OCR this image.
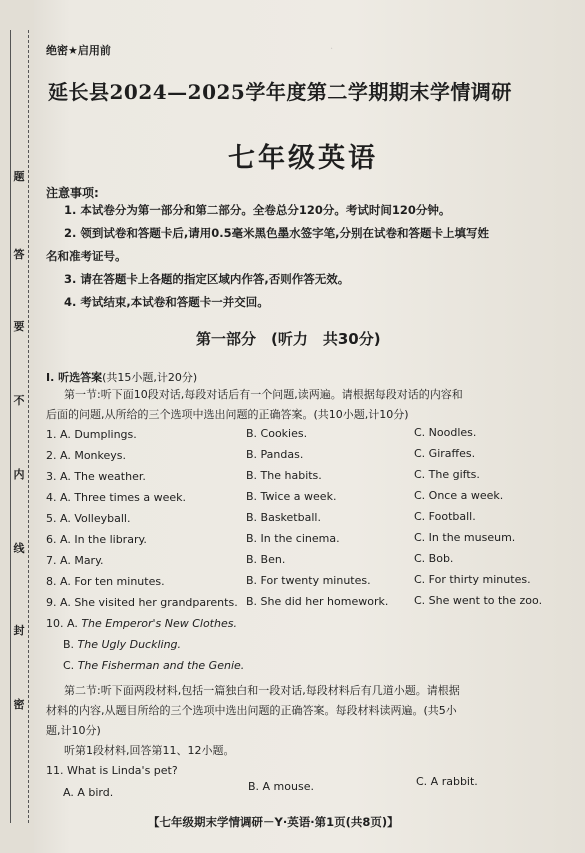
·
题
答
要
不
内
线
封
密
绝密★启用前
延长县2024—2025学年度第二学期期末学情调研
七年级英语
注意事项:
1. 本试卷分为第一部分和第二部分。全卷总分120分。考试时间120分钟。
2. 领到试卷和答题卡后,请用0.5毫米黑色墨水签字笔,分别在试卷和答题卡上填写姓
名和准考证号。
3. 请在答题卡上各题的指定区域内作答,否则作答无效。
4. 考试结束,本试卷和答题卡一并交回。
第一部分　(听力　共30分)
Ⅰ. 听选答案(共15小题,计20分)
第一节:听下面10段对话,每段对话后有一个问题,读两遍。请根据每段对话的内容和
后面的问题,从所给的三个选项中选出问题的正确答案。(共10小题,计10分)
1. A. Dumplings.	B. Cookies.	C. Noodles.
2. A. Monkeys.	B. Pandas.	C. Giraffes.
3. A. The weather.	B. The habits.	C. The gifts.
4. A. Three times a week.	B. Twice a week.	C. Once a week.
5. A. Volleyball.	B. Basketball.	C. Football.
6. A. In the library.	B. In the cinema.	C. In the museum.
7. A. Mary.	B. Ben.	C. Bob.
8. A. For ten minutes.	B. For twenty minutes.	C. For thirty minutes.
9. A. She visited her grandparents. B. She did her homework. C. She went to the zoo.
10. A. The Emperor's New Clothes.
B. The Ugly Duckling.
C. The Fisherman and the Genie.
第二节:听下面两段材料,包括一篇独白和一段对话,每段材料后有几道小题。请根据
材料的内容,从题目所给的三个选项中选出问题的正确答案。每段材料读两遍。(共5小
题,计10分)
听第1段材料,回答第11、12小题。
11. What is Linda's pet?
A. A bird.	B. A mouse.	C. A rabbit.
【七年级期末学情调研－Y·英语·第1页(共8页)】
